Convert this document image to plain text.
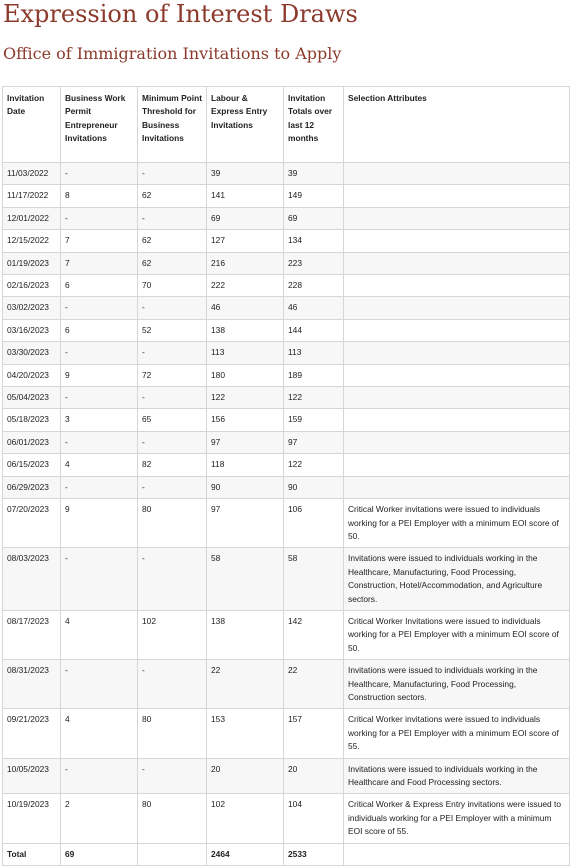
Expression of Interest Draws
Office of Immigration Invitations to Apply
Invitation Date	Business Work Permit Entrepreneur Invitations	Minimum Point Threshold for Business Invitations	Labour & Express Entry Invitations	Invitation Totals over last 12 months	Selection Attributes
11/03/2022	-	-	39	39	
11/17/2022	8	62	141	149	
12/01/2022	-	-	69	69	
12/15/2022	7	62	127	134	
01/19/2023	7	62	216	223	
02/16/2023	6	70	222	228	
03/02/2023	-	-	46	46	
03/16/2023	6	52	138	144	
03/30/2023	-	-	113	113	
04/20/2023	9	72	180	189	
05/04/2023	-	-	122	122	
05/18/2023	3	65	156	159	
06/01/2023	-	-	97	97	
06/15/2023	4	82	118	122	
06/29/2023	-	-	90	90	
07/20/2023	9	80	97	106	Critical Worker invitations were issued to individuals working for a PEI Employer with a minimum EOI score of 50.
08/03/2023	-	-	58	58	Invitations were issued to individuals working in the Healthcare, Manufacturing, Food Processing, Construction, Hotel/Accommodation, and Agriculture sectors.
08/17/2023	4	102	138	142	Critical Worker Invitations were issued to individuals working for a PEI Employer with a minimum EOI score of 50.
08/31/2023	-	-	22	22	Invitations were issued to individuals working in the Healthcare, Manufacturing, Food Processing, Construction sectors.
09/21/2023	4	80	153	157	Critical Worker invitations were issued to individuals working for a PEI Employer with a minimum EOI score of 55.
10/05/2023	-	-	20	20	Invitations were issued to individuals working in the Healthcare and Food Processing sectors.
10/19/2023	2	80	102	104	Critical Worker & Express Entry invitations were issued to individuals working for a PEI Employer with a minimum EOI score of 55.
Total	69		2464	2533	
